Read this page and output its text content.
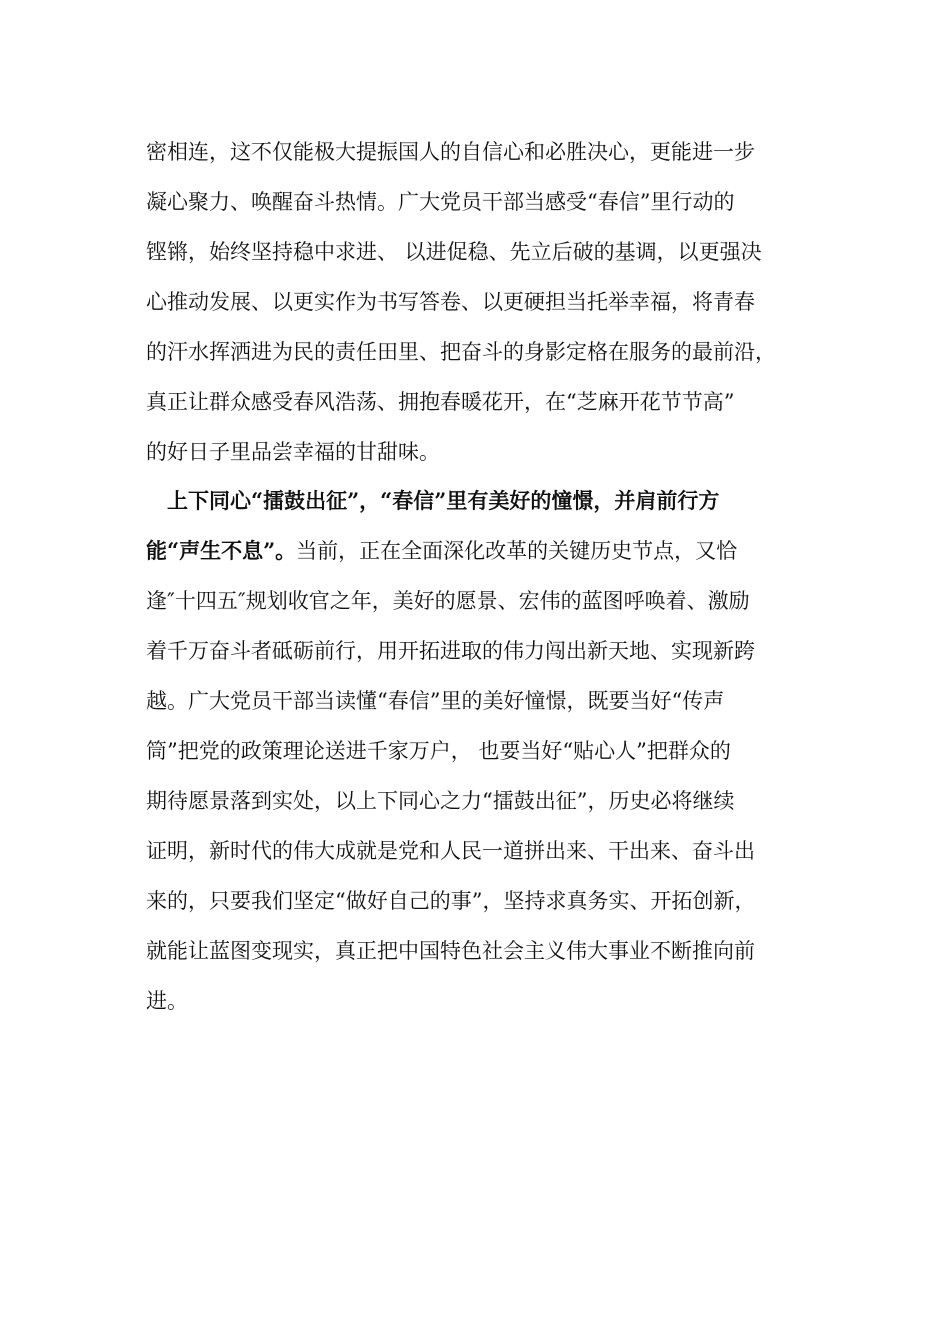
密相连，这不仅能极大提振国人的自信心和必胜决心，更能进一步
凝心聚力、唤醒奋斗热情。广大党员干部当感受“春信”里行动的
铿锵，始终坚持稳中求进、 以进促稳、先立后破的基调，以更强决
心推动发展、以更实作为书写答卷、以更硬担当托举幸福，将青春
的汗水挥洒进为民的责任田里、把奋斗的身影定格在服务的最前沿，
真正让群众感受春风浩荡、拥抱春暖花开，在“芝麻开花节节高”
的好日子里品尝幸福的甘甜味。
上下同心“擂鼓出征”，“春信”里有美好的憧憬，并肩前行方
能“声生不息”。当前，正在全面深化改革的关键历史节点，又恰
逢″十四五″规划收官之年，美好的愿景、宏伟的蓝图呼唤着、激励
着千万奋斗者砥砺前行，用开拓进取的伟力闯出新天地、实现新跨
越。广大党员干部当读懂“春信”里的美好憧憬，既要当好“传声
筒”把党的政策理论送进千家万户， 也要当好“贴心人”把群众的
期待愿景落到实处，以上下同心之力“擂鼓出征”，历史必将继续
证明，新时代的伟大成就是党和人民一道拼出来、干出来、奋斗出
来的，只要我们坚定“做好自己的事”，坚持求真务实、开拓创新，
就能让蓝图变现实，真正把中国特色社会主义伟大事业不断推向前
进。
